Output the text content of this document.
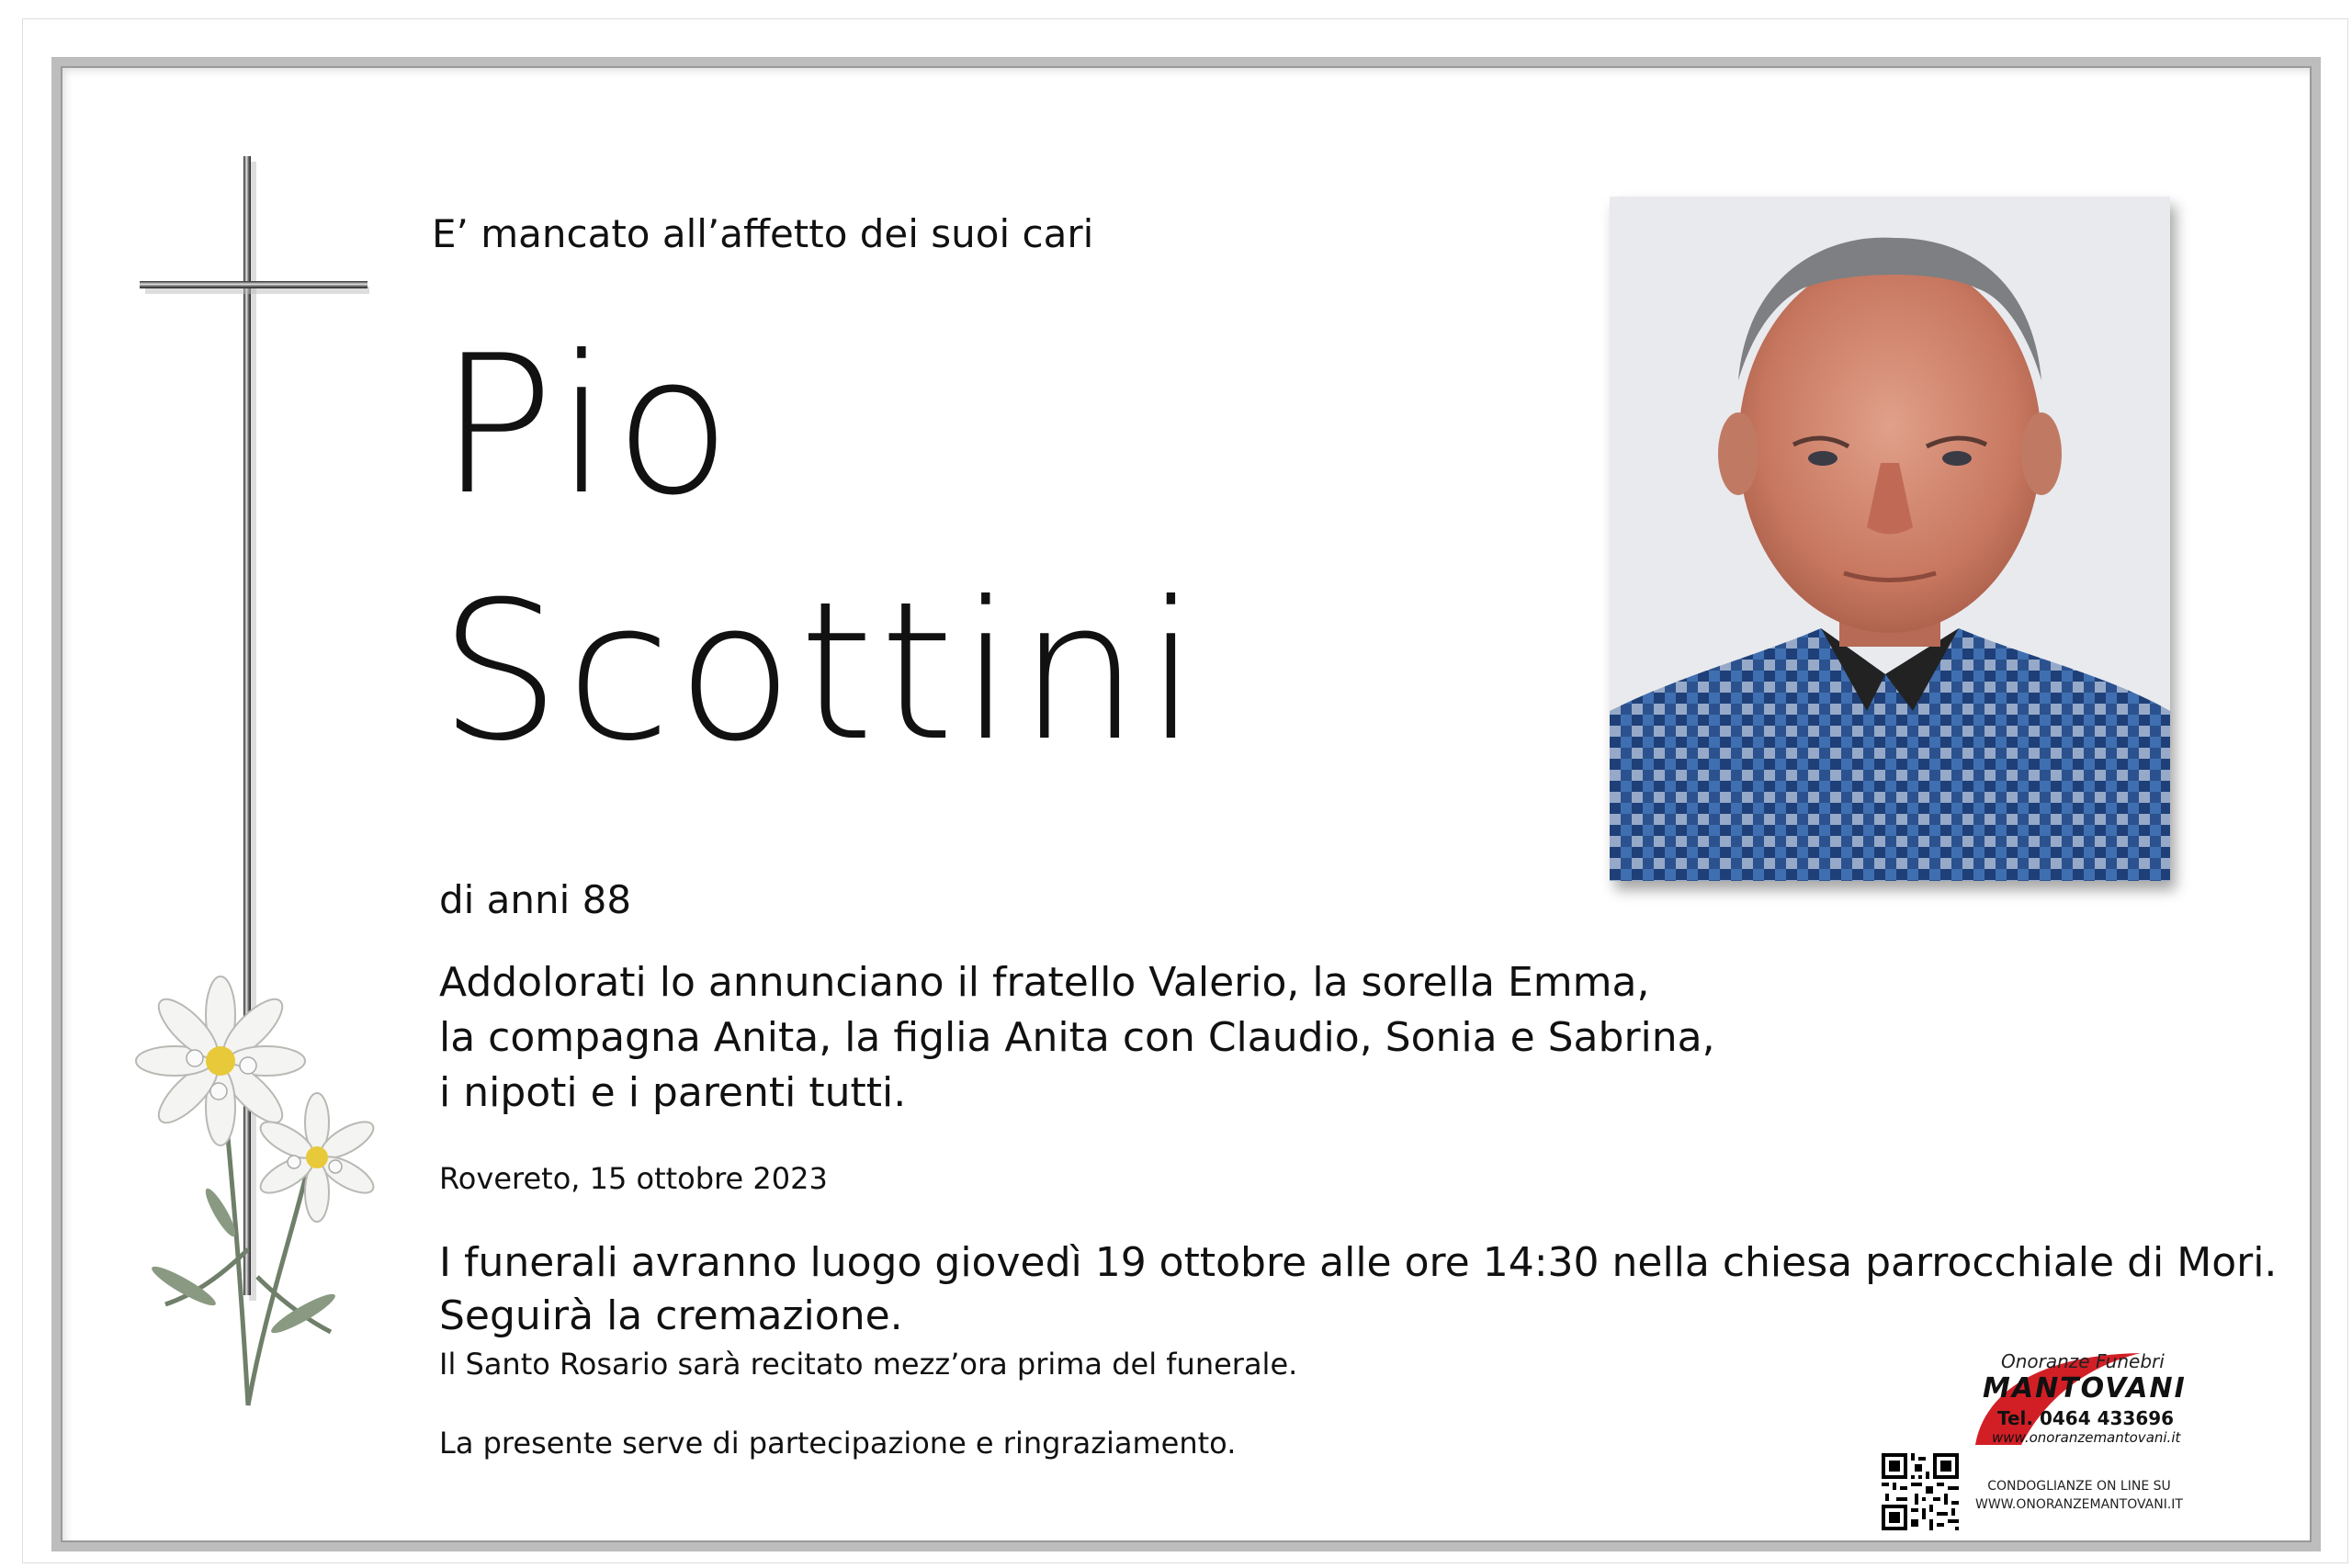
E’ mancato all’affetto dei suoi cari
Pio
Scottini
di anni 88
Addolorati lo annunciano il fratello Valerio, la sorella Emma,
la compagna Anita, la figlia Anita con Claudio, Sonia e Sabrina,
i nipoti e i parenti tutti.
Rovereto, 15 ottobre 2023
I funerali avranno luogo giovedì 19 ottobre alle ore 14:30 nella chiesa parrocchiale di Mori.
Seguirà la cremazione.
Il Santo Rosario sarà recitato mezz’ora prima del funerale.
La presente serve di partecipazione e ringraziamento.
Onoranze Funebri
MANTOVANI
Tel. 0464 433696
www.onoranzemantovani.it
CONDOGLIANZE ON LINE SU
WWW.ONORANZEMANTOVANI.IT
